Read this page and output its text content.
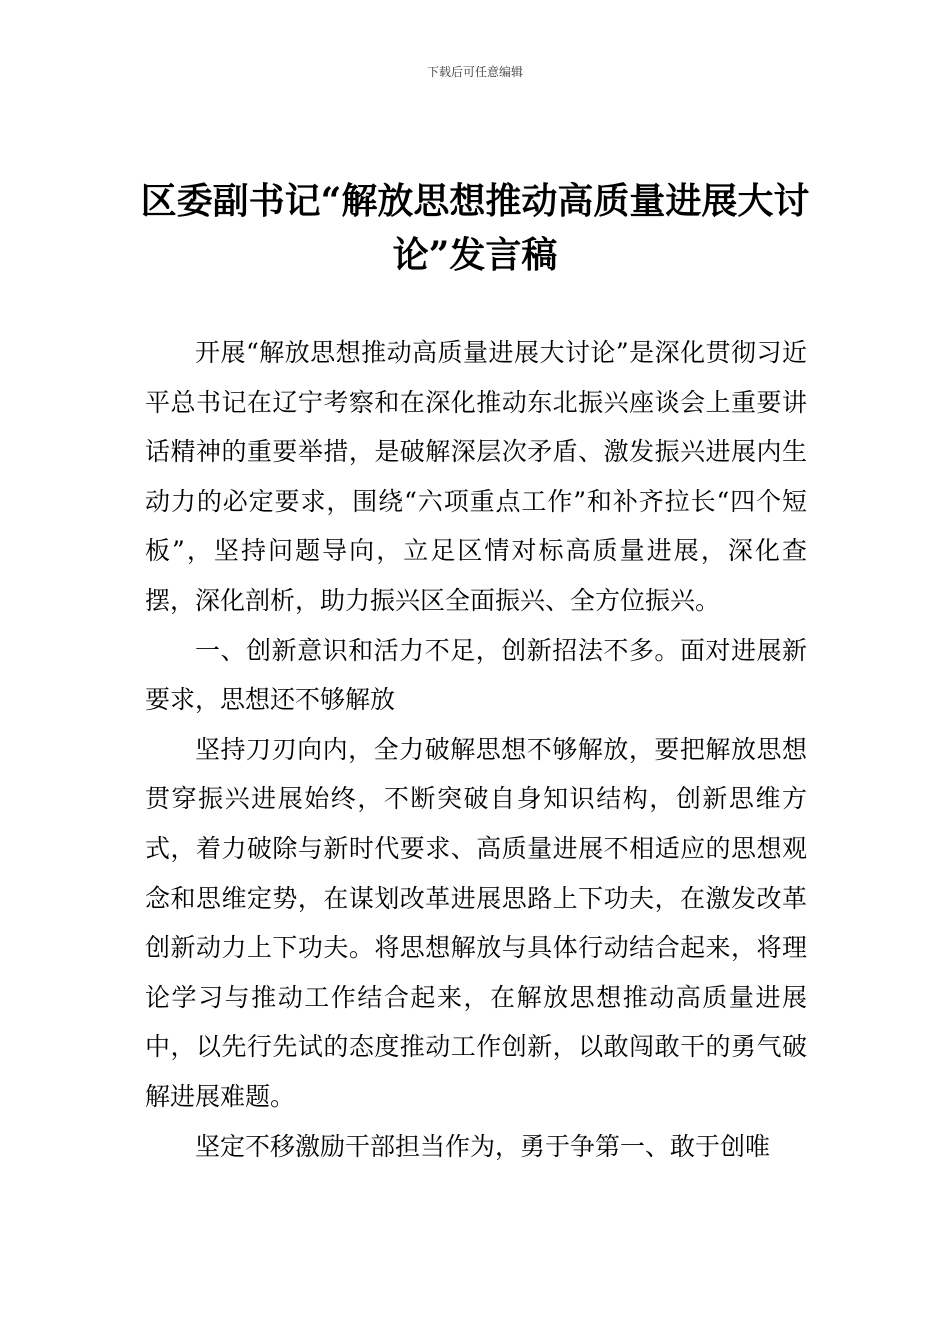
下载后可任意编辑
区委副书记“解放思想推动高质量进展大讨论”发言稿

开展“解放思想推动高质量进展大讨论”是深化贯彻习近平总书记在辽宁考察和在深化推动东北振兴座谈会上重要讲话精神的重要举措，是破解深层次矛盾、激发振兴进展内生动力的必定要求，围绕“六项重点工作”和补齐拉长“四个短板”，坚持问题导向，立足区情对标高质量进展，深化查摆，深化剖析，助力振兴区全面振兴、全方位振兴。

一、创新意识和活力不足，创新招法不多。面对进展新要求，思想还不够解放

坚持刀刃向内，全力破解思想不够解放，要把解放思想贯穿振兴进展始终，不断突破自身知识结构，创新思维方式，着力破除与新时代要求、高质量进展不相适应的思想观念和思维定势，在谋划改革进展思路上下功夫，在激发改革创新动力上下功夫。将思想解放与具体行动结合起来，将理论学习与推动工作结合起来，在解放思想推动高质量进展中，以先行先试的态度推动工作创新，以敢闯敢干的勇气破解进展难题。

坚定不移激励干部担当作为，勇于争第一、敢于创唯
